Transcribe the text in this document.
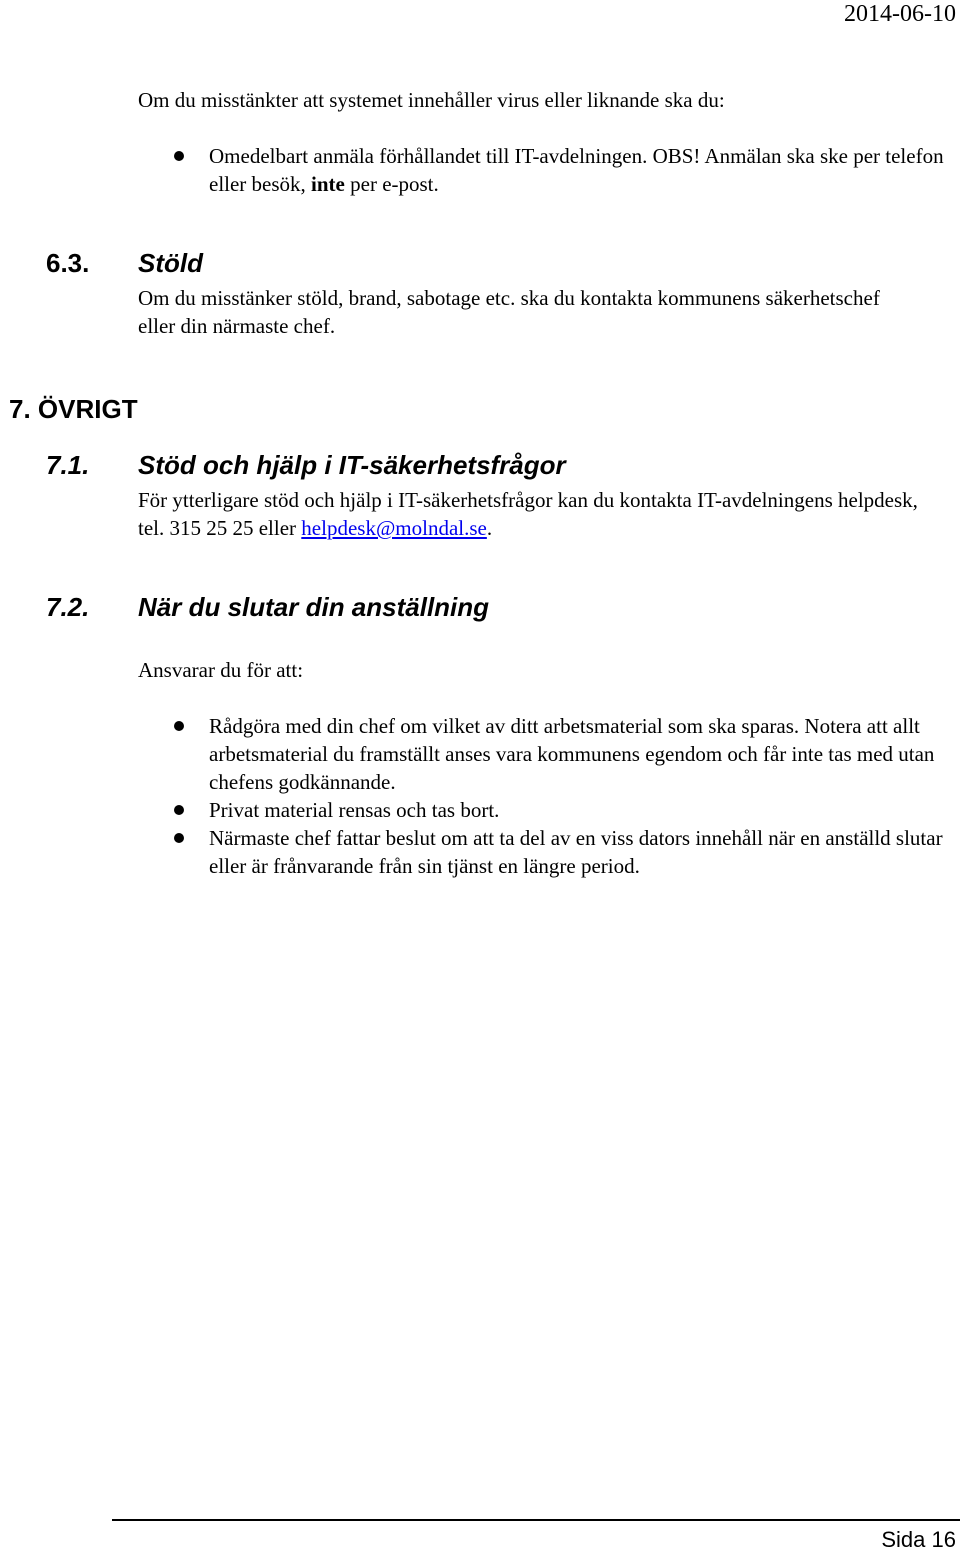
2014-06-10
Om du misstänkter att systemet innehåller virus eller liknande ska du:
Omedelbart anmäla förhållandet till IT-avdelningen. OBS! Anmälan ska ske per telefon eller besök, inte per e-post.
6.3. Stöld
Om du misstänker stöld, brand, sabotage etc. ska du kontakta kommunens säkerhetschef eller din närmaste chef.
7. ÖVRIGT
7.1. Stöd och hjälp i IT-säkerhetsfrågor
För ytterligare stöd och hjälp i IT-säkerhetsfrågor kan du kontakta IT-avdelningens helpdesk, tel. 315 25 25 eller helpdesk@molndal.se.
7.2. När du slutar din anställning
Ansvarar du för att:
Rådgöra med din chef om vilket av ditt arbetsmaterial som ska sparas. Notera att allt arbetsmaterial du framställt anses vara kommunens egendom och får inte tas med utan chefens godkännande.
Privat material rensas och tas bort.
Närmaste chef fattar beslut om att ta del av en viss dators innehåll när en anställd slutar eller är frånvarande från sin tjänst en längre period.
Sida 16
